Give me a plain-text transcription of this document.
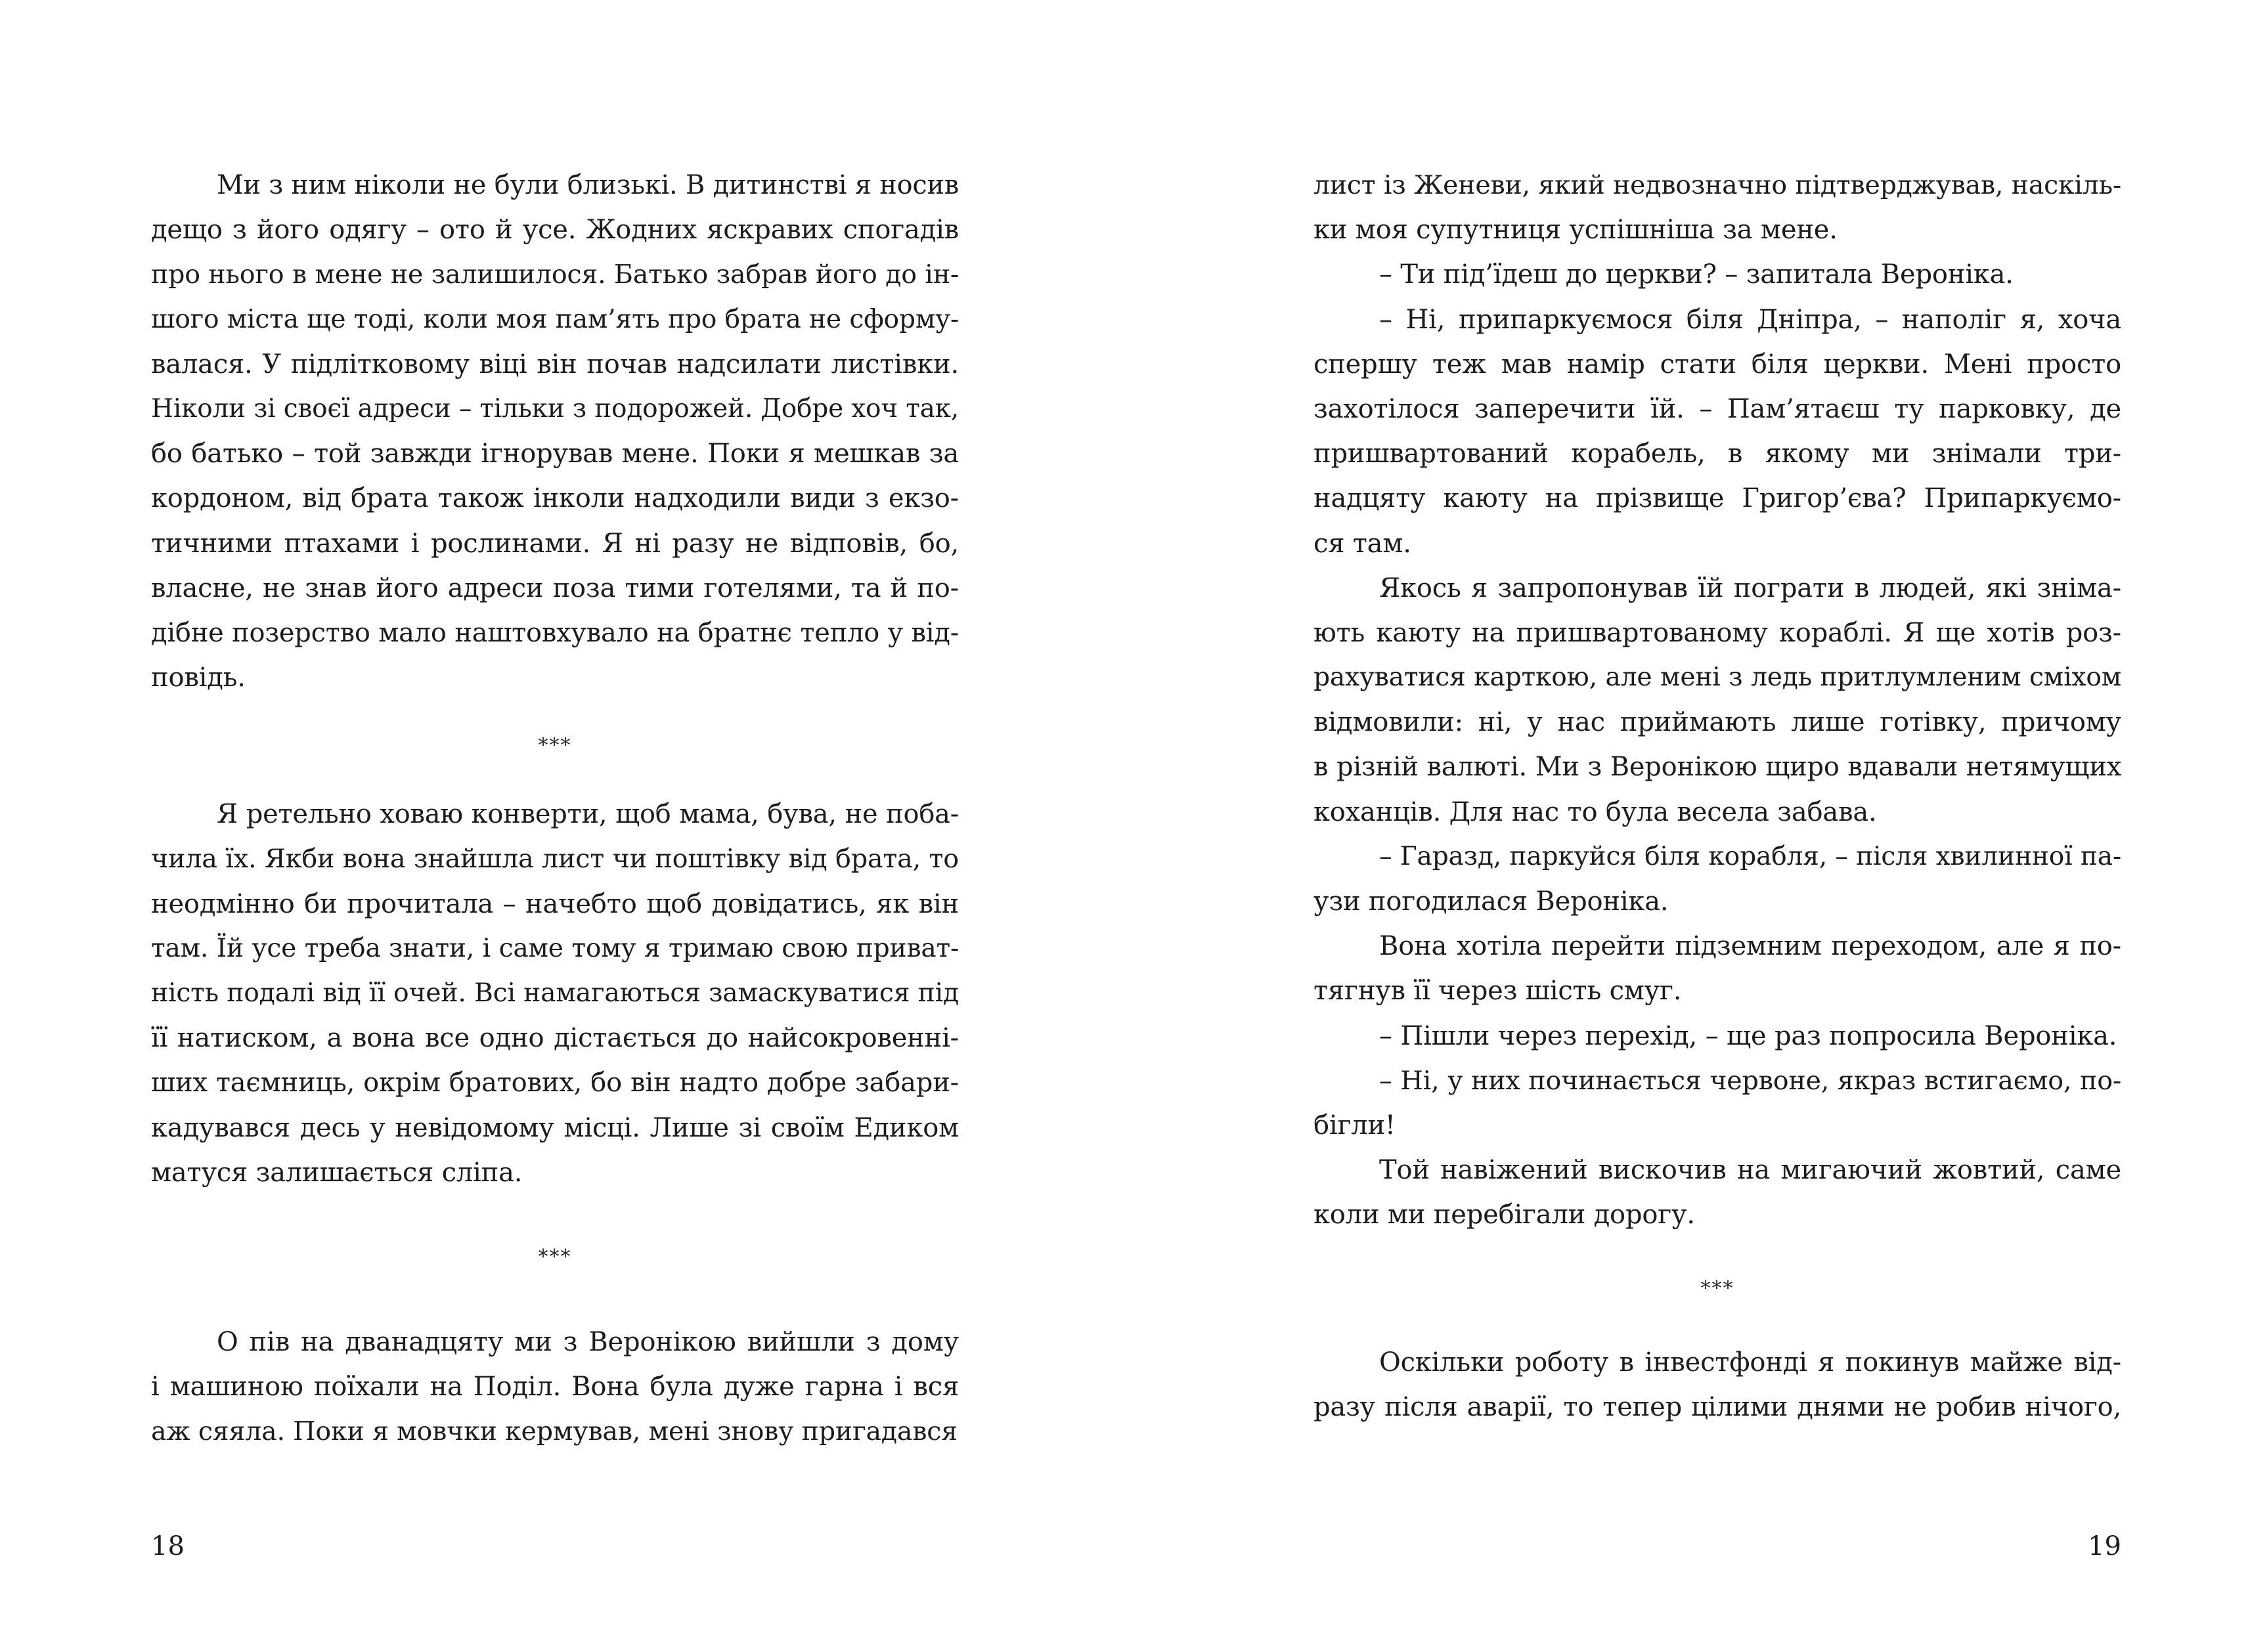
Ми з ним ніколи не були близькі. В дитинстві я носив
дещо з його одягу – ото й усе. Жодних яскравих спогадів
про нього в мене не залишилося. Батько забрав його до ін-
шого міста ще тоді, коли моя пам’ять про брата не сформу-
валася. У підлітковому віці він почав надсилати листівки.
Ніколи зі своєї адреси – тільки з подорожей. Добре хоч так,
бо батько – той завжди ігнорував мене. Поки я мешкав за
кордоном, від брата також інколи надходили види з екзо-
тичними птахами і рослинами. Я ні разу не відповів, бо,
власне, не знав його адреси поза тими готелями, та й по-
дібне позерство мало наштовхувало на братнє тепло у від-
повідь.
***
Я ретельно ховаю конверти, щоб мама, бува, не поба-
чила їх. Якби вона знайшла лист чи поштівку від брата, то
неодмінно би прочитала – начебто щоб довідатись, як він
там. Їй усе треба знати, і саме тому я тримаю свою приват-
ність подалі від її очей. Всі намагаються замаскуватися під
її натиском, а вона все одно дістається до найсокровенні-
ших таємниць, окрім братових, бо він надто добре забари-
кадувався десь у невідомому місці. Лише зі своїм Едиком
матуся залишається сліпа.
***
О пів на дванадцяту ми з Веронікою вийшли з дому
і машиною поїхали на Поділ. Вона була дуже гарна і вся
аж сяяла. Поки я мовчки кермував, мені знову пригадався
18
лист із Женеви, який недвозначно підтверджував, наскіль-
ки моя супутниця успішніша за мене.
– Ти під’їдеш до церкви? – запитала Вероніка.
– Ні, припаркуємося біля Дніпра, – наполіг я, хоча
спершу теж мав намір стати біля церкви. Мені просто
захотілося заперечити їй. – Пам’ятаєш ту парковку, де
пришвартований корабель, в якому ми знімали три-
надцяту каюту на прізвище Григор’єва? Припаркуємо-
ся там.
Якось я запропонував їй пограти в людей, які зніма-
ють каюту на пришвартованому кораблі. Я ще хотів роз-
рахуватися карткою, але мені з ледь притлумленим сміхом
відмовили: ні, у нас приймають лише готівку, причому
в різній валюті. Ми з Веронікою щиро вдавали нетямущих
коханців. Для нас то була весела забава.
– Гаразд, паркуйся біля корабля, – після хвилинної па-
узи погодилася Вероніка.
Вона хотіла перейти підземним переходом, але я по-
тягнув її через шість смуг.
– Пішли через перехід, – ще раз попросила Вероніка.
– Ні, у них починається червоне, якраз встигаємо, по-
бігли!
Той навіжений вискочив на мигаючий жовтий, саме
коли ми перебігали дорогу.
***
Оскільки роботу в інвестфонді я покинув майже від-
разу після аварії, то тепер цілими днями не робив нічого,
19
